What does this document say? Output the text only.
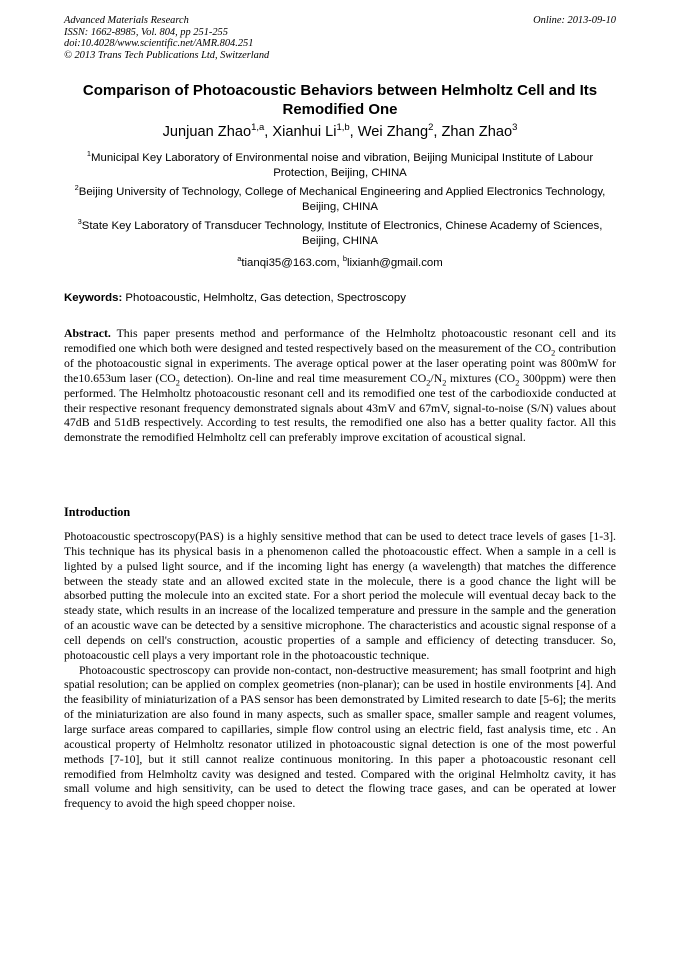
Advanced Materials Research
ISSN: 1662-8985, Vol. 804, pp 251-255
doi:10.4028/www.scientific.net/AMR.804.251
© 2013 Trans Tech Publications Ltd, Switzerland
Online: 2013-09-10
Comparison of Photoacoustic Behaviors between Helmholtz Cell and Its Remodified One
Junjuan Zhao$^{1,a}$, Xianhui Li$^{1,b}$, Wei Zhang$^2$, Zhan Zhao$^3$
$^1$Municipal Key Laboratory of Environmental noise and vibration, Beijing Municipal Institute of Labour Protection, Beijing, CHINA
$^2$Beijing University of Technology, College of Mechanical Engineering and Applied Electronics Technology, Beijing, CHINA
$^3$State Key Laboratory of Transducer Technology, Institute of Electronics, Chinese Academy of Sciences, Beijing, CHINA
$^a$tianqi35@163.com, $^b$lixianh@gmail.com
Keywords: Photoacoustic, Helmholtz, Gas detection, Spectroscopy
Abstract. This paper presents method and performance of the Helmholtz photoacoustic resonant cell and its remodified one which both were designed and tested respectively based on the measurement of the $CO_2$ contribution of the photoacoustic signal in experiments. The average optical power at the laser operating point was 800mW for the10.653um laser ($CO_2$ detection). On-line and real time measurement $CO_2/N_2$ mixtures ($CO_2$ 300ppm) were then performed. The Helmholtz photoacoustic resonant cell and its remodified one test of the carbodioxide conducted at their respective resonant frequency demonstrated signals about 43mV and 67mV, signal-to-noise (S/N) values about 47dB and 51dB respectively. According to test results, the remodified one also has a better quality factor. All this demonstrate the remodified Helmholtz cell can preferably improve excitation of acoustical signal.
Introduction

Photoacoustic spectroscopy(PAS) is a highly sensitive method that can be used to detect trace levels of gases [1-3]. This technique has its physical basis in a phenomenon called the photoacoustic effect. When a sample in a cell is lighted by a pulsed light source, and if the incoming light has energy (a wavelength) that matches the difference between the steady state and an allowed excited state in the molecule, there is a good chance the light will be absorbed putting the molecule into an excited state. For a short period the molecule will eventual decay back to the steady state, which results in an increase of the localized temperature and pressure in the sample and the generation of an acoustic wave can be detected by a sensitive microphone. The characteristics and acoustic signal response of a cell depends on cell's construction, acoustic properties of a sample and efficiency of detecting transducer. So, photoacoustic cell plays a very important role in the photoacoustic technique.

Photoacoustic spectroscopy can provide non-contact, non-destructive measurement; has small footprint and high spatial resolution; can be applied on complex geometries (non-planar); can be used in hostile environments [4]. And the feasibility of miniaturization of a PAS sensor has been demonstrated by Limited research to date [5-6]; the merits of the miniaturization are also found in many aspects, such as smaller space, smaller sample and reagent volumes, large surface areas compared to capillaries, simple flow control using an electric field, fast analysis time, etc . An acoustical property of Helmholtz resonator utilized in photoacoustic signal detection is one of the most powerful methods [7-10], but it still cannot realize continuous monitoring. In this paper a photoacoustic resonant cell remodified from Helmholtz cavity was designed and tested. Compared with the original Helmholtz cavity, it has small volume and high sensitivity, can be used to detect the flowing trace gases, and can be operated at lower frequency to avoid the high speed chopper noise.
